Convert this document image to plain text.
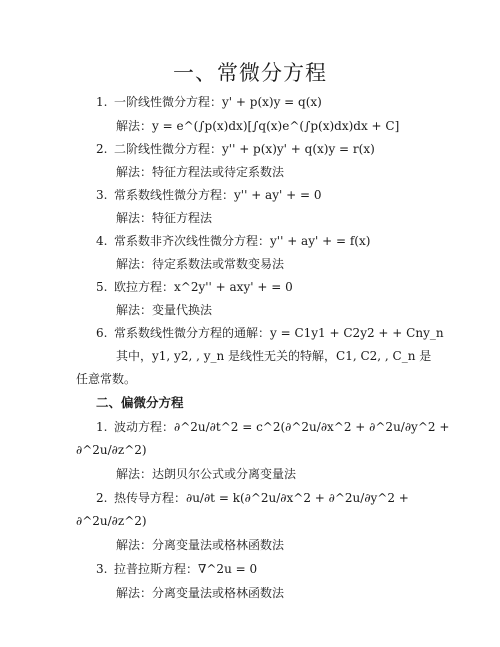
一、常微分方程
1. 一阶线性微分方程：y' + p(x)y = q(x)
解法：y = e^(∫p(x)dx)[∫q(x)e^(∫p(x)dx)dx + C]
2. 二阶线性微分方程：y'' + p(x)y' + q(x)y = r(x)
解法：特征方程法或待定系数法
3. 常系数线性微分方程：y'' + ay' + = 0
解法：特征方程法
4. 常系数非齐次线性微分方程：y'' + ay' + = f(x)
解法：待定系数法或常数变易法
5. 欧拉方程：x^2y'' + axy' + = 0
解法：变量代换法
6. 常系数线性微分方程的通解：y = C1y1 + C2y2 + + Cny_n
其中，y1, y2, , y_n 是线性无关的特解，C1, C2, , C_n 是
任意常数。
二、偏微分方程
1. 波动方程：∂^2u/∂t^2 = c^2(∂^2u/∂x^2 + ∂^2u/∂y^2 +
∂^2u/∂z^2)
解法：达朗贝尔公式或分离变量法
2. 热传导方程：∂u/∂t = k(∂^2u/∂x^2 + ∂^2u/∂y^2 +
∂^2u/∂z^2)
解法：分离变量法或格林函数法
3. 拉普拉斯方程：∇^2u = 0
解法：分离变量法或格林函数法
